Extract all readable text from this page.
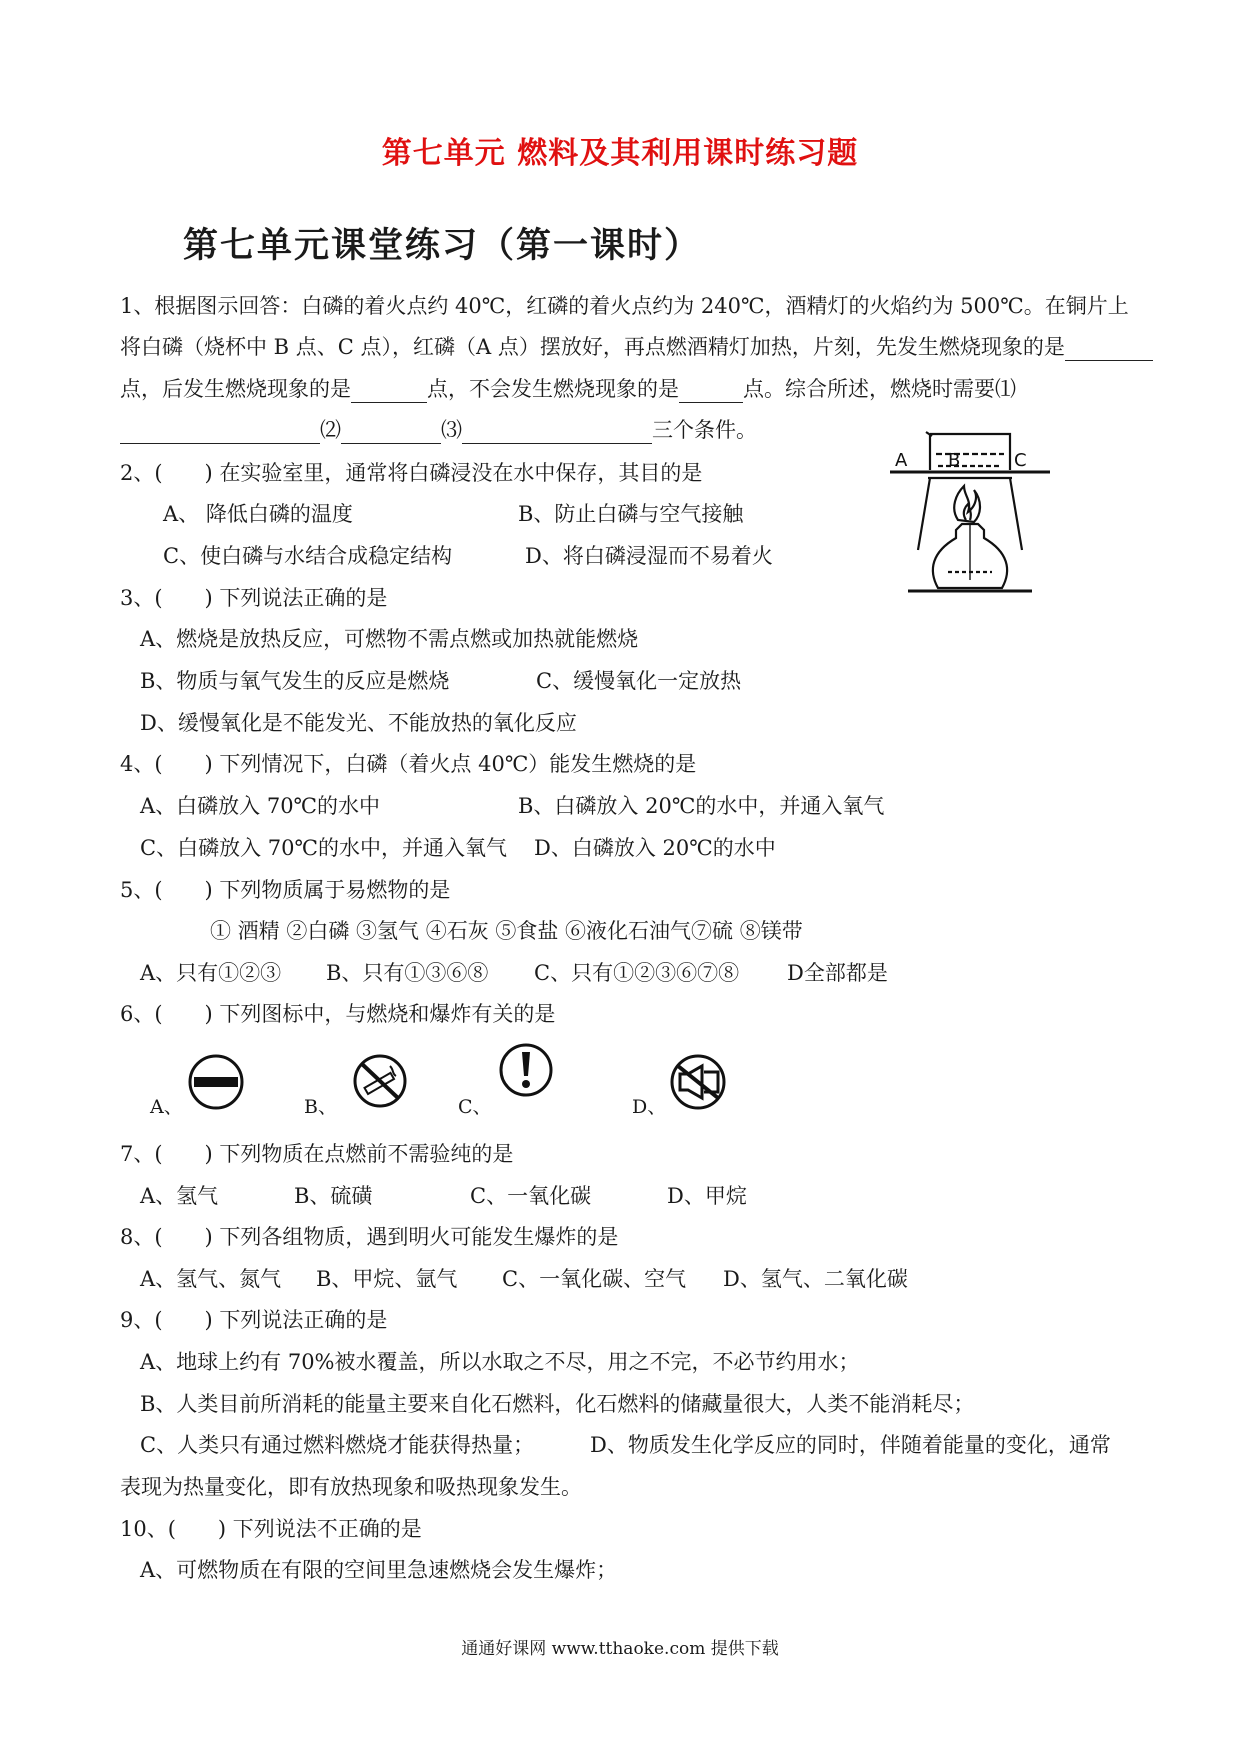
第七单元 燃料及其利用课时练习题
第七单元课堂练习（第一课时）
1、根据图示回答：白磷的着火点约 40℃，红磷的着火点约为 240℃，酒精灯的火焰约为 500℃。在铜片上
将白磷（烧杯中 B 点、C 点），红磷（A 点）摆放好，再点燃酒精灯加热，片刻，先发生燃烧现象的是
点，后发生燃烧现象的是	点，不会发生燃烧现象的是	点。综合所述，燃烧时需要⑴
⑵	⑶	三个条件。
A B	C
2、(　　) 在实验室里，通常将白磷浸没在水中保存，其目的是
A、 降低白磷的温度	B、防止白磷与空气接触
C、使白磷与水结合成稳定结构	D、将白磷浸湿而不易着火
3、(　　) 下列说法正确的是
A、燃烧是放热反应，可燃物不需点燃或加热就能燃烧
B、物质与氧气发生的反应是燃烧	C、缓慢氧化一定放热
D、缓慢氧化是不能发光、不能放热的氧化反应
4、(　　) 下列情况下，白磷（着火点 40℃）能发生燃烧的是
A、白磷放入 70℃的水中	B、白磷放入 20℃的水中，并通入氧气
C、白磷放入 70℃的水中，并通入氧气 D、白磷放入 20℃的水中
5、(　　) 下列物质属于易燃物的是
① 酒精 ②白磷 ③氢气 ④石灰 ⑤食盐 ⑥液化石油气⑦硫 ⑧镁带
A、只有①②③ B、只有①③⑥⑧ C、只有①②③⑥⑦⑧ D全部都是
6、(　　) 下列图标中，与燃烧和爆炸有关的是
A、	B、	C、	D、
7、(　　) 下列物质在点燃前不需验纯的是
A、氢气	B、硫磺	C、一氧化碳	D、甲烷
8、(　　) 下列各组物质，遇到明火可能发生爆炸的是
A、氢气、氮气 B、甲烷、氩气 C、一氧化碳、空气 D、氢气、二氧化碳
9、(　　) 下列说法正确的是
A、地球上约有 70%被水覆盖，所以水取之不尽，用之不完，不必节约用水；
B、人类目前所消耗的能量主要来自化石燃料，化石燃料的储藏量很大，人类不能消耗尽；
C、人类只有通过燃料燃烧才能获得热量；	D、物质发生化学反应的同时，伴随着能量的变化，通常
表现为热量变化，即有放热现象和吸热现象发生。
10、(　　) 下列说法不正确的是
A、可燃物质在有限的空间里急速燃烧会发生爆炸；
通通好课网 www.tthaoke.com 提供下载
